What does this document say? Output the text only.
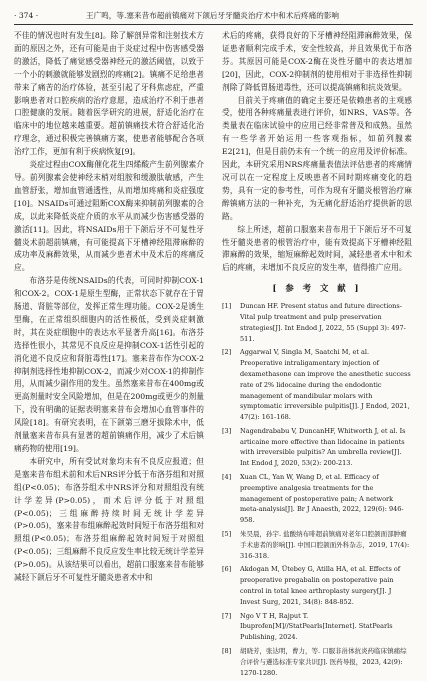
· 374 ·	王广鸣，等.塞来昔布超前镇痛对下颌后牙牙髓炎治疗术中和术后疼痛的影响

不佳的情况也时有发生[8]。除了解剖异常和注射技术方面的原因之外，还有可能是由于炎症过程中伤害感受器的激活，降低了痛觉感受器神经元的激活阈值，以致于一个小的刺激就能够发剧烈的疼痛[2]。镇痛不足给患者带来了痛苦的治疗体验，甚至引起了牙科焦虑症，严重影响患者对口腔疾病的治疗意愿，造成治疗不利于患者口腔健康的发展。随着医学研究的进展，舒适化治疗在临床中的地位越来越重要。超前镇痛技术符合舒适化治疗理念，通过积极完善镇痛方案，使患者能够配合各项治疗工作，更加有利于疾病恢复[9]。

炎症过程由COX酶催化花生四烯酸产生前列腺素介导。前列腺素会使神经末梢对组胺和缓激肽敏感，产生血管舒张，增加血管通透性，从而增加疼痛和炎症强度[10]。NSAIDs可通过阻断COX酶来抑制前列腺素的合成，以此来降低炎症介质的水平从而减少伤害感受器的激活[11]。因此，将NSAIDs用于下颌后牙不可复性牙髓炎术前超前镇痛，有可能提高下牙槽神经阻滞麻醉的成功率及麻醉效果，从而减少患者术中及术后的疼痛反应。

布洛芬是传统NSAIDs的代表，可同时抑制COX-1和COX-2。COX-1是原生型酶，正常状态下就存在于胃肠道、肾脏等部位，发挥正常生理功能。COX-2是诱生型酶，在正常组织细胞内的活性极低，受到炎症刺激时，其在炎症细胞中的表达水平显著升高[16]。布洛芬选择性很小，其常见不良反应是抑制COX-1活性引起的消化道不良反应和肾脏毒性[17]。塞来昔布作为COX-2抑制剂选择性地抑制COX-2，而减少对COX-1的抑制作用，从而减少副作用的发生。虽然塞来昔布在400mg或更高剂量时安全风险增加，但是在200mg或更少的剂量下，没有明确的证据表明塞来昔布会增加心血管事件的风险[18]。有研究表明，在下颌第三磨牙拔除术中，低剂量塞来昔布具有显著的超前镇痛作用，减少了术后镇痛药物的使用[19]。

本研究中，所有受试对象均未有不良反应报道；但是塞来昔布组术前和术后NRS评分低于布洛芬组和对照组(P<0.05)；布洛芬组术中NRS评分和对照组没有统计学差异(P>0.05)，而术后评分低于对照组(P<0.05)；三组麻醉持续时间无统计学差异(P>0.05)，塞来昔布组麻醉起效时间短于布洛芬组和对照组(P<0.05)；布洛芬组麻醉起效时间短于对照组(P<0.05)；三组麻醉不良反应发生率比较无统计学差异(P>0.05)。从该结果可以看出，超前口服塞来昔布能够减轻下颌后牙不可复性牙髓炎患者术中和

术后的疼痛，获得良好的下牙槽神经阻滞麻醉效果，保证患者顺利完成手术，安全性较高，并且效果优于布洛芬。其原因可能是COX-2酶在炎性牙髓中的表达增加[20]，因此，COX-2抑制剂的使用相对于非选择性抑制剂除了降低胃肠道毒性，还可以提高镇痛和抗炎效果。

目前关于疼痛值的确定主要还是依赖患者的主观感受，使用各种疼痛量表进行评价，如NRS、VAS等。各类量表在临床试验中的应用已经非常普及和成熟。虽然有一些学者开始运用一些客观指标，如前列腺素E2[21]，但是目前仍未有一个统一的应用及评价标准。因此，本研究采用NRS疼痛量表值法评估患者的疼痛情况可以在一定程度上反映患者不同时期疼痛变化的趋势，具有一定的参考性，可作为现有牙髓炎根管治疗麻醉镇痛方法的一种补充，为无痛化舒适治疗提供新的思路。

综上所述，超前口服塞来昔布用于下颌后牙不可复性牙髓炎患者的根管治疗中，能有效提高下牙槽神经阻滞麻醉的效果，缩短麻醉起效时间，减轻患者术中和术后的疼痛，未增加不良反应的发生率，值得推广应用。

[ 参 考 文 献 ]
[1] Duncan HF. Present status and future directions-Vital pulp treatment and pulp preservation strategies[J]. Int Endod J, 2022, 55 (Suppl 3): 497-511.
[2] Aggarwal V, Singla M, Saatchi M, et al. Preoperative intraligamentary injection of dexamethasone can improve the anesthetic success rate of 2% lidocaine during the endodontic management of mandibular molars with symptomatic irreversible pulpitis[J]. J Endod, 2021, 47(2): 161-168.
[3] Nagendrababu V, DuncanHF, Whitworth J, et al. Is articaine more effective than lidocaine in patients with irreversible pulpitis? An umbrella review[J]. Int Endod J, 2020, 53(2): 200-213.
[4] Xuan CL, Yan W, Wang D, et al. Efficacy of preemptive analgesia treatments for the management of postoperative pain; A network meta-analysis[J]. Br J Anaesth, 2022, 129(6): 946-958.
[5] 朱昊晨，孙宇. 盐酸纳布啡超前镇痛对老年口腔颌面部肿瘤手术患者的影响[J]. 中国口腔颌面外科杂志，2019, 17(4): 316-318.
[6] Akdogan M, Ütebey G, Atilla HA, et al. Effects of preoperative pregabalin on postoperative pain control in total knee arthroplasty surgery[J]. J Invest Surg, 2021, 34(8): 848-852.
[7] Ngo V T H, Rajput T. Ibuprofen[M]//StatPearls[Internet]. StatPearls Publishing, 2024.
[8] 胡晓芳，张达明，曹力，等. 口服非甾体抗炎药临床镇痛综合评价与遴选标准专家共识[J]. 医药导报，2023, 42(9): 1270-1280.
